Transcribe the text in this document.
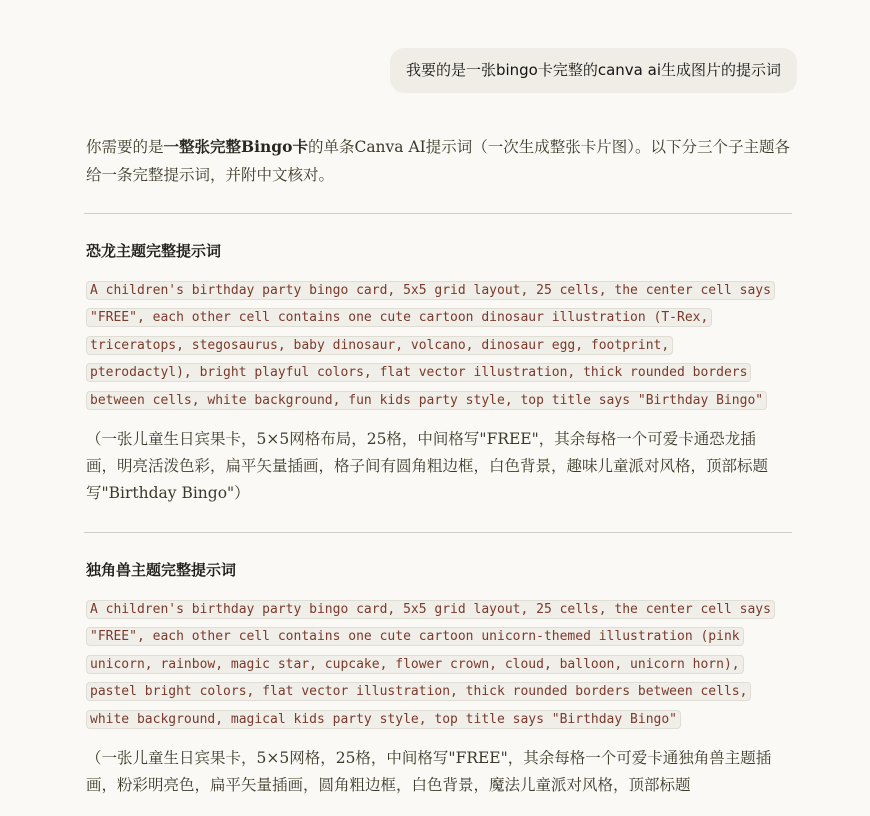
我要的是一张bingo卡完整的canva ai生成图片的提示词

你需要的是一整张完整Bingo卡的单条Canva AI提示词（一次生成整张卡片图）。以下分三个子主题各给一条完整提示词，并附中文核对。

恐龙主题完整提示词

A children's birthday party bingo card, 5x5 grid layout, 25 cells, the center cell says "FREE", each other cell contains one cute cartoon dinosaur illustration (T-Rex, triceratops, stegosaurus, baby dinosaur, volcano, dinosaur egg, footprint, pterodactyl), bright playful colors, flat vector illustration, thick rounded borders between cells, white background, fun kids party style, top title says "Birthday Bingo"

（一张儿童生日宾果卡，5×5网格布局，25格，中间格写"FREE"，其余每格一个可爱卡通恐龙插画，明亮活泼色彩，扁平矢量插画，格子间有圆角粗边框，白色背景，趣味儿童派对风格，顶部标题写"Birthday Bingo"）

独角兽主题完整提示词

A children's birthday party bingo card, 5x5 grid layout, 25 cells, the center cell says "FREE", each other cell contains one cute cartoon unicorn-themed illustration (pink unicorn, rainbow, magic star, cupcake, flower crown, cloud, balloon, unicorn horn), pastel bright colors, flat vector illustration, thick rounded borders between cells, white background, magical kids party style, top title says "Birthday Bingo"

（一张儿童生日宾果卡，5×5网格，25格，中间格写"FREE"，其余每格一个可爱卡通独角兽主题插画，粉彩明亮色，扁平矢量插画，圆角粗边框，白色背景，魔法儿童派对风格，顶部标题
